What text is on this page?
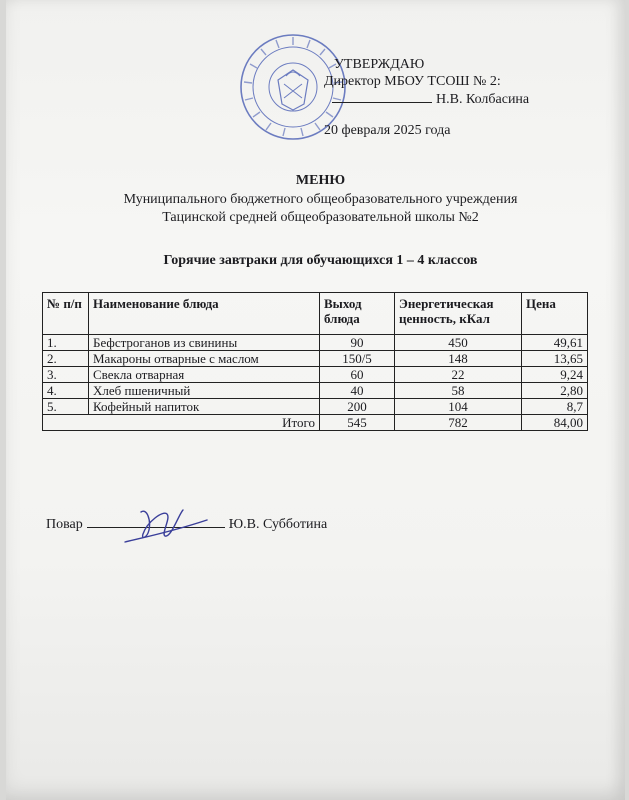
УТВЕРЖДАЮ
Директор МБОУ ТСОШ № 2:
Н.В. Колбасина
20 февраля 2025 года
МЕНЮ
Муниципального бюджетного общеобразовательного учреждения
Тацинской средней общеобразовательной школы №2
Горячие завтраки для обучающихся 1 – 4 классов
№ п/п	Наименование блюда	Выход блюда	Энергетическая ценность, кКал	Цена
1.	Бефстроганов из свинины	90	450	49,61
2.	Макароны отварные с маслом	150/5	148	13,65
3.	Свекла отварная	60	22	9,24
4.	Хлеб пшеничный	40	58	2,80
5.	Кофейный напиток	200	104	8,7
Итого		545	782	84,00
Повар	Ю.В. Субботина
